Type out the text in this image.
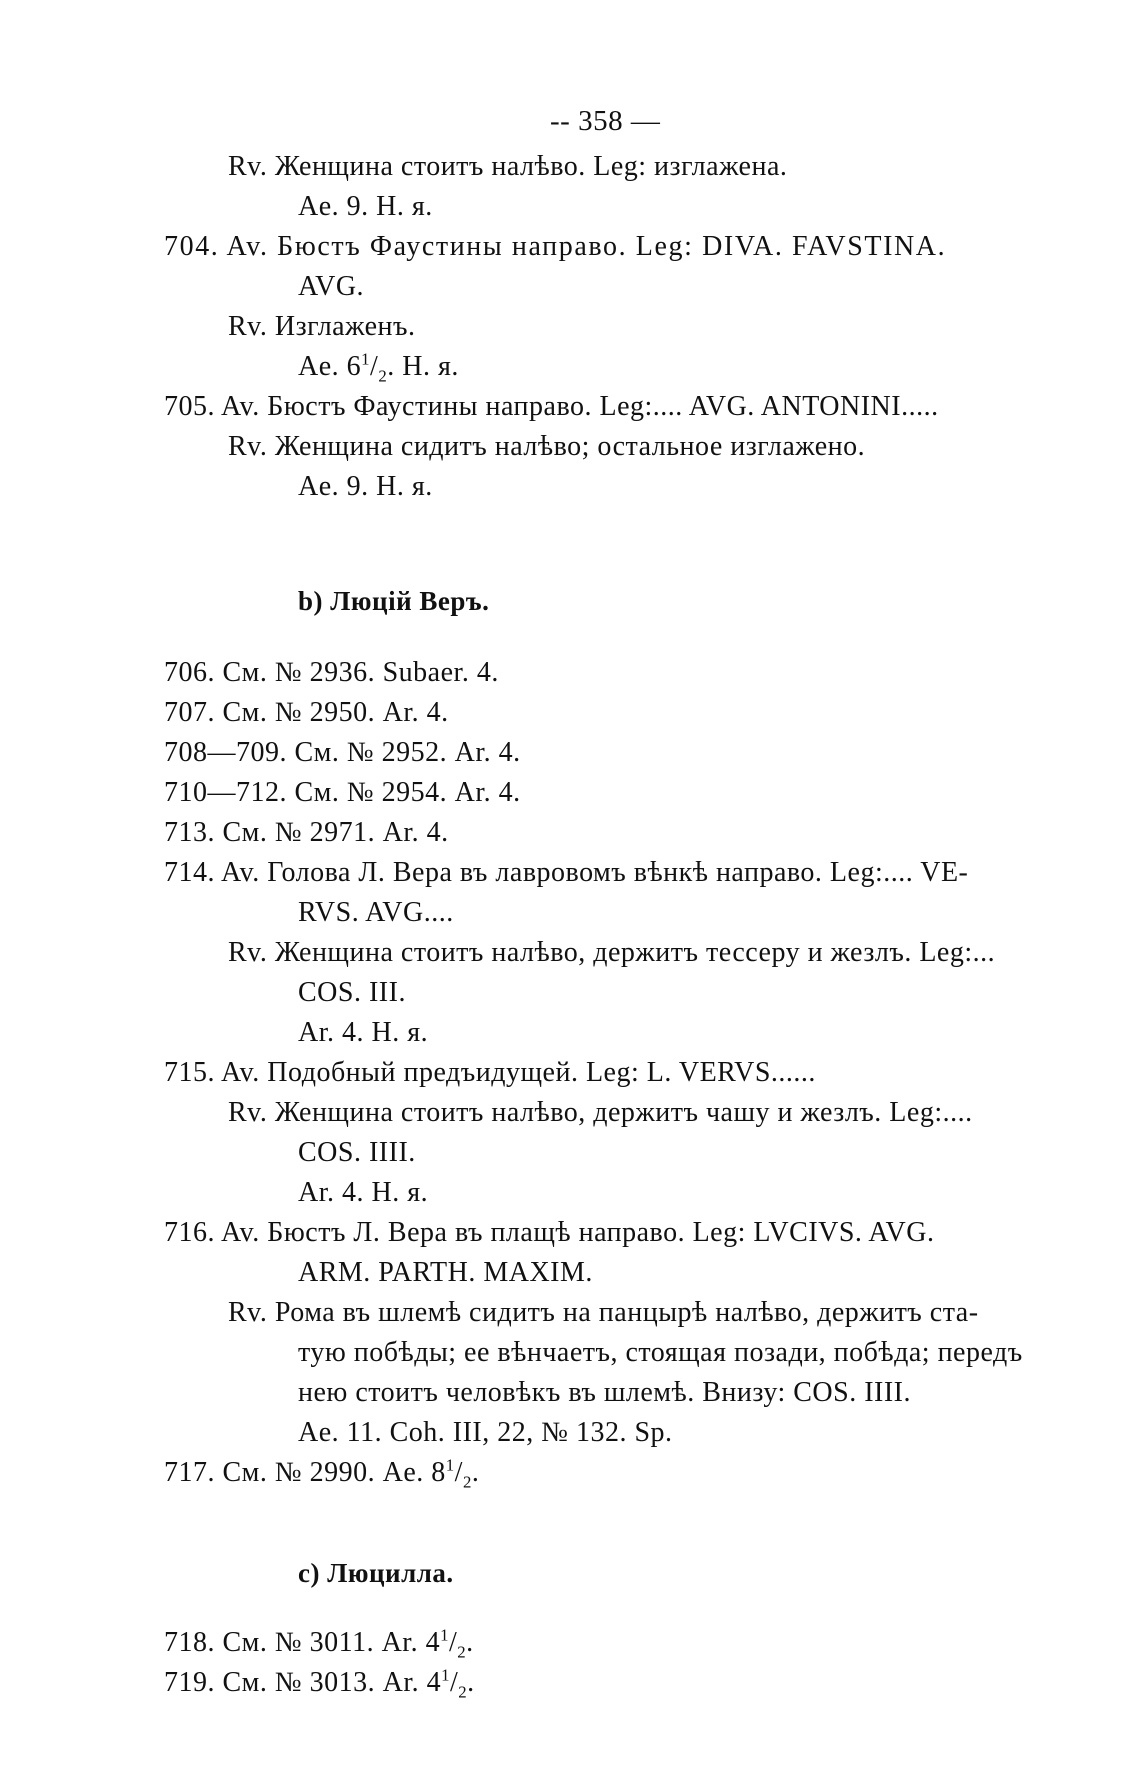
-- 358 —
Rv. Женщина стоитъ налѣво. Leg: изглажена.
Ae. 9. H. я.
704. Av. Бюстъ Фаустины направо. Leg: DIVA. FAVSTINA.
AVG.
Rv. Изглаженъ.
Ae. $6^1/_2$. H. я.
705. Av. Бюстъ Фаустины направо. Leg:.... AVG. ANTONINI.....
Rv. Женщина сидитъ налѣво; остальное изглажено.
Ae. 9. H. я.
b) Люцій Веръ.
706. См. № 2936. Subaer. 4.
707. См. № 2950. Ar. 4.
708—709. См. № 2952. Ar. 4.
710—712. См. № 2954. Ar. 4.
713. См. № 2971. Ar. 4.
714. Av. Голова Л. Вера въ лавровомъ вѣнкѣ направо. Leg:.... VE-
RVS. AVG....
Rv. Женщина стоитъ налѣво, держитъ тессеру и жезлъ. Leg:...
COS. III.
Ar. 4. H. я.
715. Av. Подобный предъидущей. Leg: L. VERVS......
Rv. Женщина стоитъ налѣво, держитъ чашу и жезлъ. Leg:....
COS. IIII.
Ar. 4. H. я.
716. Av. Бюстъ Л. Вера въ плащѣ направо. Leg: LVCIVS. AVG.
ARM. PARTH. MAXIM.
Rv. Рома въ шлемѣ сидитъ на панцырѣ налѣво, держитъ ста-
тую побѣды; ее вѣнчаетъ, стоящая позади, побѣда; передъ
нею стоитъ человѣкъ въ шлемѣ. Внизу: COS. IIII.
Ae. 11. Coh. III, 22, № 132. Sp.
717. См. № 2990. Ae. $8^1/_2$.
c) Люцилла.
718. См. № 3011. Ar. $4^1/_2$.
719. См. № 3013. Ar. $4^1/_2$.
